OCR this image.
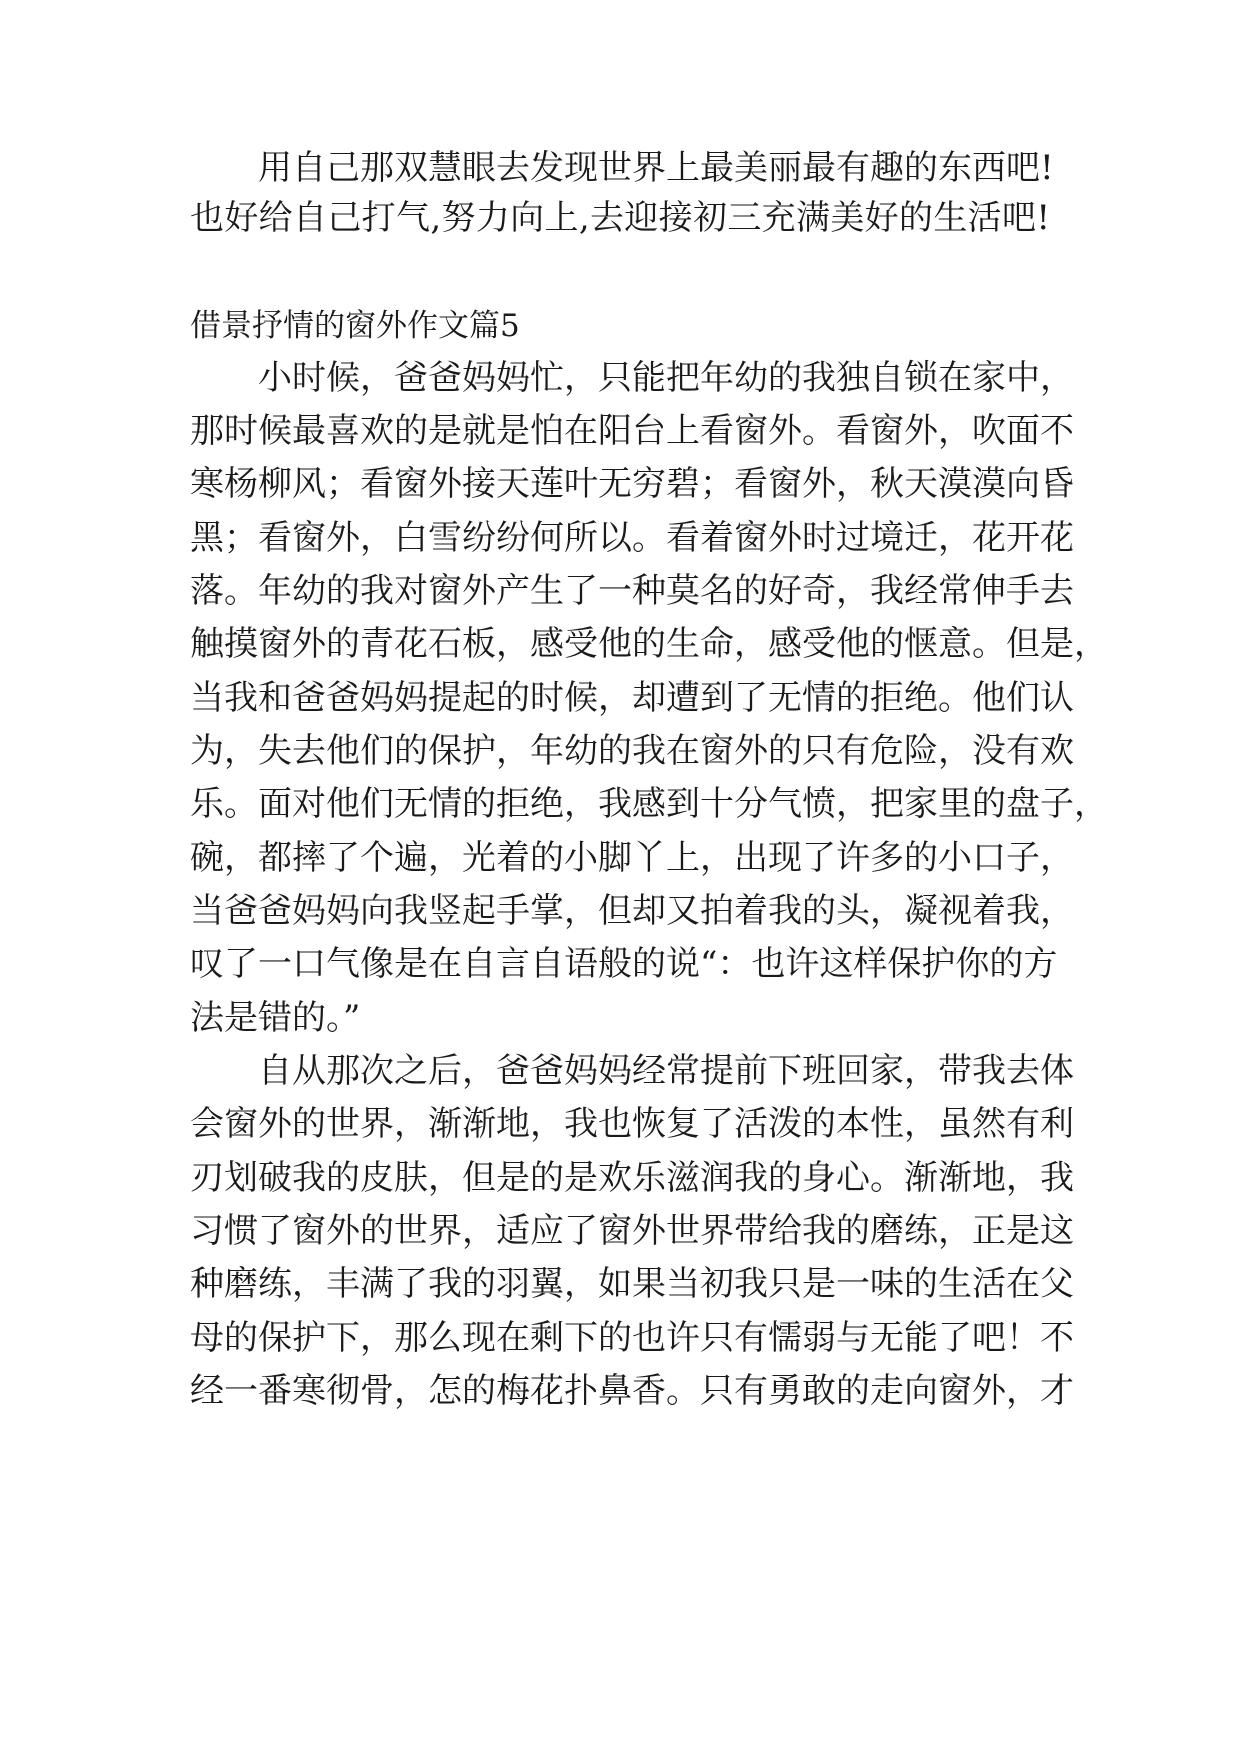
用自己那双慧眼去发现世界上最美丽最有趣的东西吧!
也好给自己打气,努力向上,去迎接初三充满美好的生活吧!
借景抒情的窗外作文篇5
小时候，爸爸妈妈忙，只能把年幼的我独自锁在家中，
那时候最喜欢的是就是怕在阳台上看窗外。看窗外，吹面不
寒杨柳风；看窗外接天莲叶无穷碧；看窗外，秋天漠漠向昏
黑；看窗外，白雪纷纷何所以。看着窗外时过境迁，花开花
落。年幼的我对窗外产生了一种莫名的好奇，我经常伸手去
触摸窗外的青花石板，感受他的生命，感受他的惬意。但是，
当我和爸爸妈妈提起的时候，却遭到了无情的拒绝。他们认
为，失去他们的保护，年幼的我在窗外的只有危险，没有欢
乐。面对他们无情的拒绝，我感到十分气愤，把家里的盘子，
碗，都摔了个遍，光着的小脚丫上，出现了许多的小口子，
当爸爸妈妈向我竖起手掌，但却又拍着我的头，凝视着我，
叹了一口气像是在自言自语般的说“：也许这样保护你的方
法是错的。”
自从那次之后，爸爸妈妈经常提前下班回家，带我去体
会窗外的世界，渐渐地，我也恢复了活泼的本性，虽然有利
刃划破我的皮肤，但是的是欢乐滋润我的身心。渐渐地，我
习惯了窗外的世界，适应了窗外世界带给我的磨练，正是这
种磨练，丰满了我的羽翼，如果当初我只是一味的生活在父
母的保护下，那么现在剩下的也许只有懦弱与无能了吧！不
经一番寒彻骨，怎的梅花扑鼻香。只有勇敢的走向窗外，才
